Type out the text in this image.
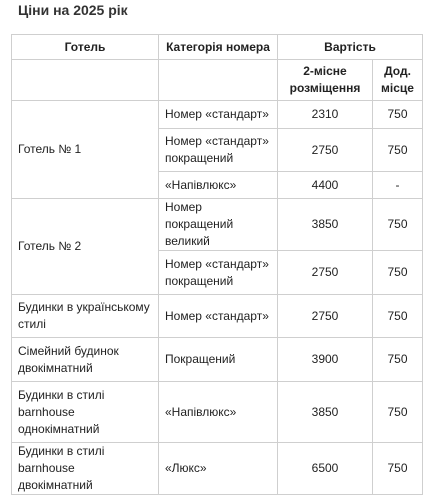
Ціни на 2025 рік
Готель	Категорія номера	Вартість	
		2-місне розміщення	Дод. місце
Готель № 1	Номер «стандарт»	2310	750
	Номер «стандарт» покращений	2750	750
	«Напівлюкс»	4400	-
Готель № 2	Номер покращений великий	3850	750
	Номер «стандарт» покращений	2750	750
Будинки в українському стилі	Номер «стандарт»	2750	750
Сімейний будинок двокімнатний	Покращений	3900	750
Будинки в стилі barnhouse однокімнатний	«Напівлюкс»	3850	750
Будинки в стилі barnhouse двокімнатний	«Люкс»	6500	750
